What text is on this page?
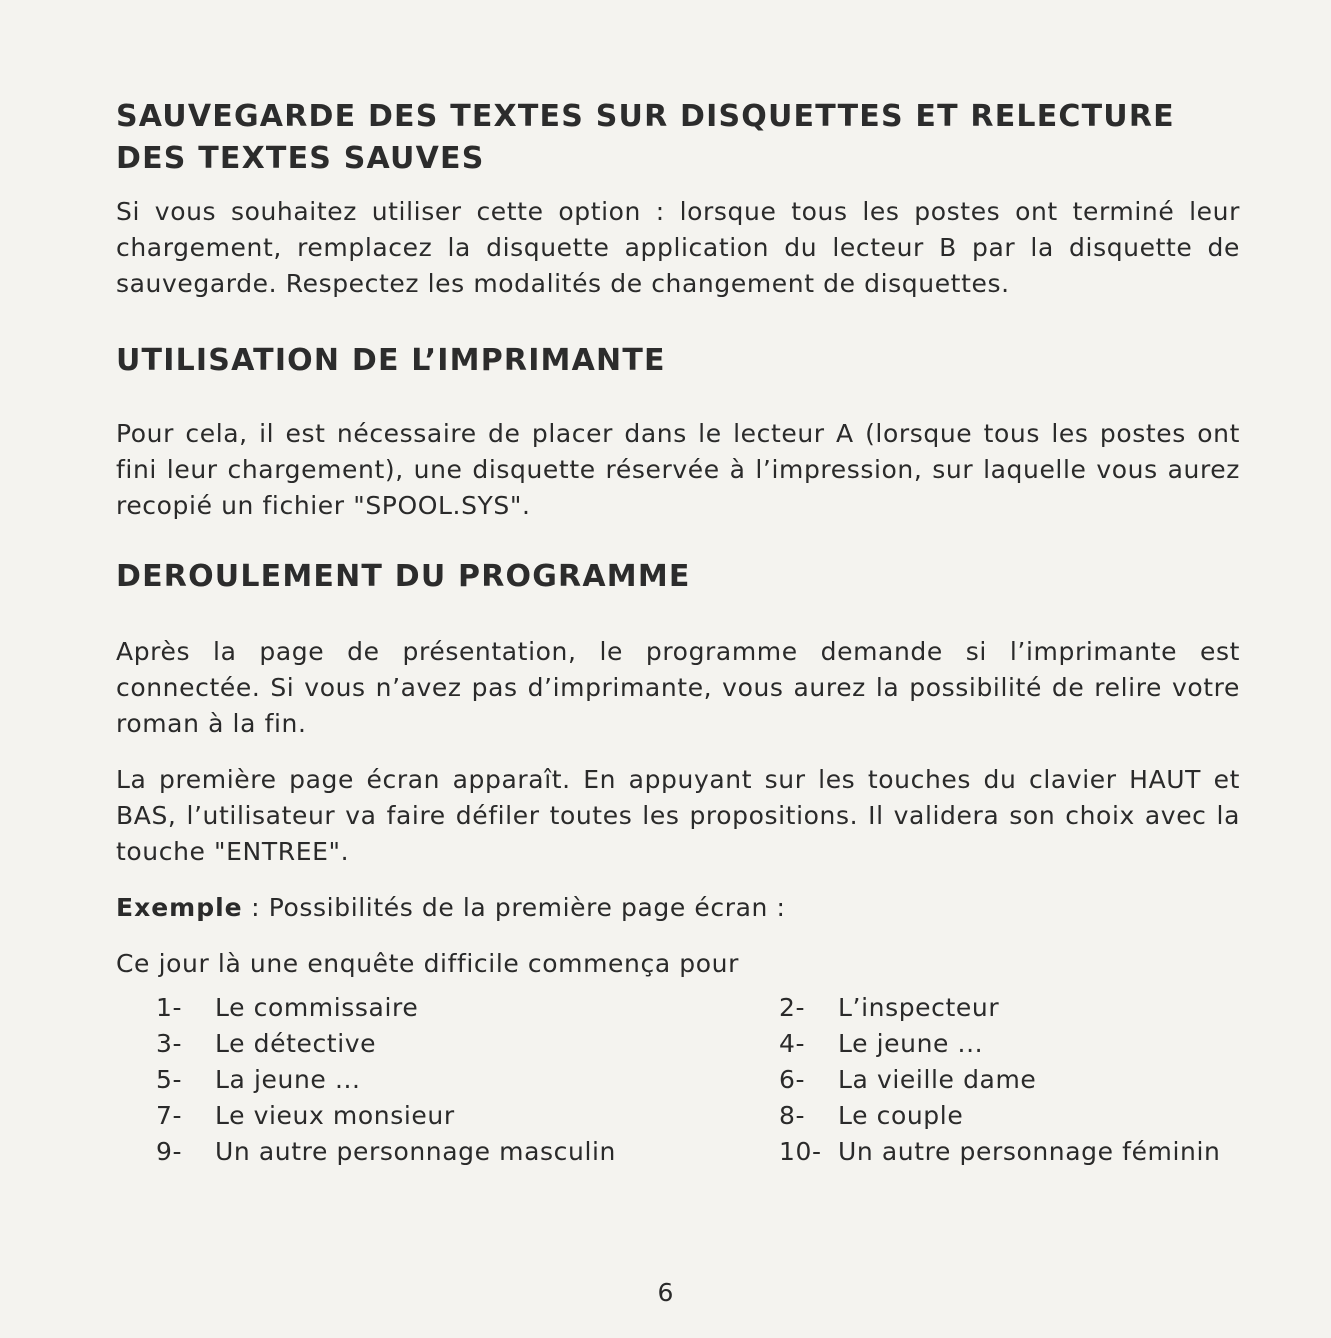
SAUVEGARDE DES TEXTES SUR DISQUETTES ET RELECTURE DES TEXTES SAUVES

Si vous souhaitez utiliser cette option : lorsque tous les postes ont terminé leur chargement, remplacez la disquette application du lecteur B par la disquette de sauvegarde. Respectez les modalités de changement de disquettes.

UTILISATION DE L’IMPRIMANTE

Pour cela, il est nécessaire de placer dans le lecteur A (lorsque tous les postes ont fini leur chargement), une disquette réservée à l’impression, sur laquelle vous aurez recopié un fichier "SPOOL.SYS".

DEROULEMENT DU PROGRAMME

Après la page de présentation, le programme demande si l’imprimante est connectée. Si vous n’avez pas d’imprimante, vous aurez la possibilité de relire votre roman à la fin.

La première page écran apparaît. En appuyant sur les touches du clavier HAUT et BAS, l’utilisateur va faire défiler toutes les propositions. Il validera son choix avec la touche "ENTREE".

Exemple : Possibilités de la première page écran :

Ce jour là une enquête difficile commença pour

1-	Le commissaire	2-	L’inspecteur
3-	Le détective	4-	Le jeune ...
5-	La jeune ...	6-	La vieille dame
7-	Le vieux monsieur	8-	Le couple
9-	Un autre personnage masculin	10- Un autre personnage féminin
6
